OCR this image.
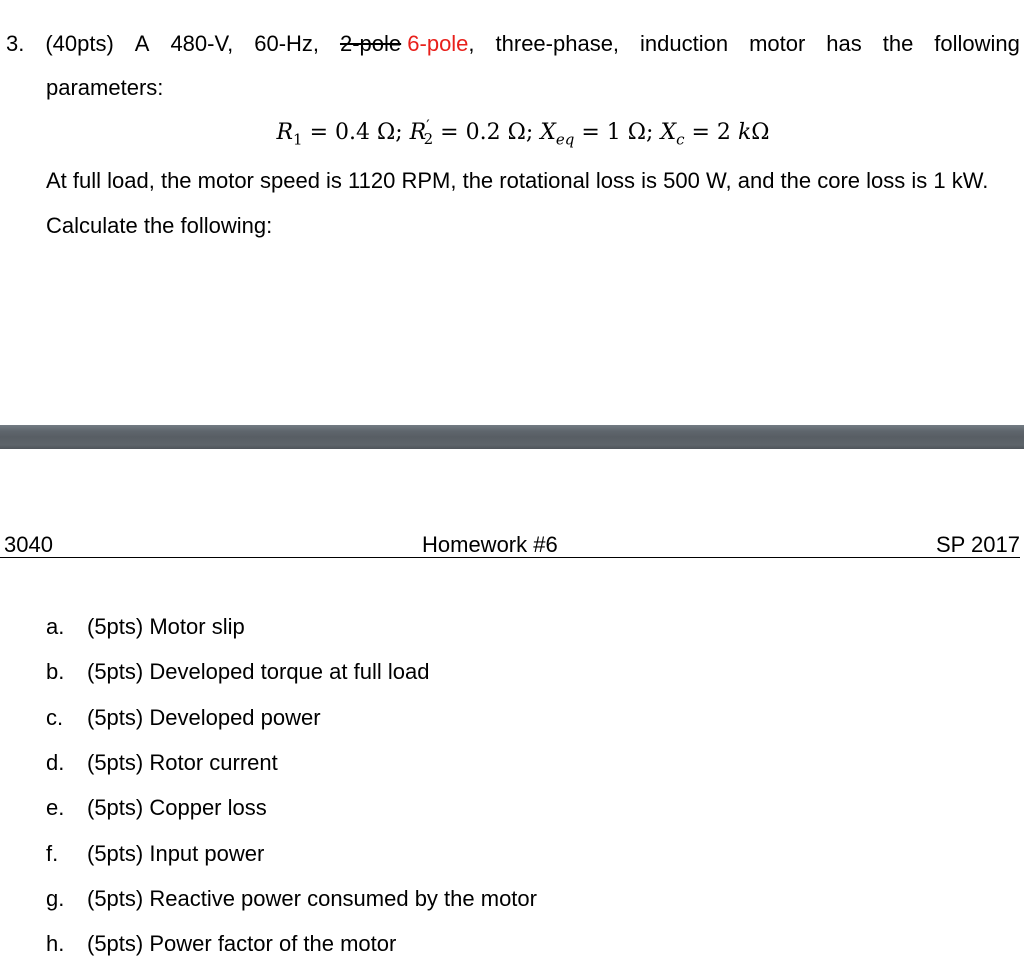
3. (40pts) A 480-V, 60-Hz, 2-pole 6-pole, three-phase, induction motor has the following
parameters:
$R_1 = 0.4$ Ω; $R'_2 = 0.2$ Ω; $X_{eq} = 1$ Ω; $X_c = 2$ kΩ
At full load, the motor speed is 1120 RPM, the rotational loss is 500 W, and the core loss is 1 kW.
Calculate the following:
3040	Homework #6	SP 2017
a. (5pts) Motor slip
b. (5pts) Developed torque at full load
c. (5pts) Developed power
d. (5pts) Rotor current
e. (5pts) Copper loss
f. (5pts) Input power
g. (5pts) Reactive power consumed by the motor
h. (5pts) Power factor of the motor
